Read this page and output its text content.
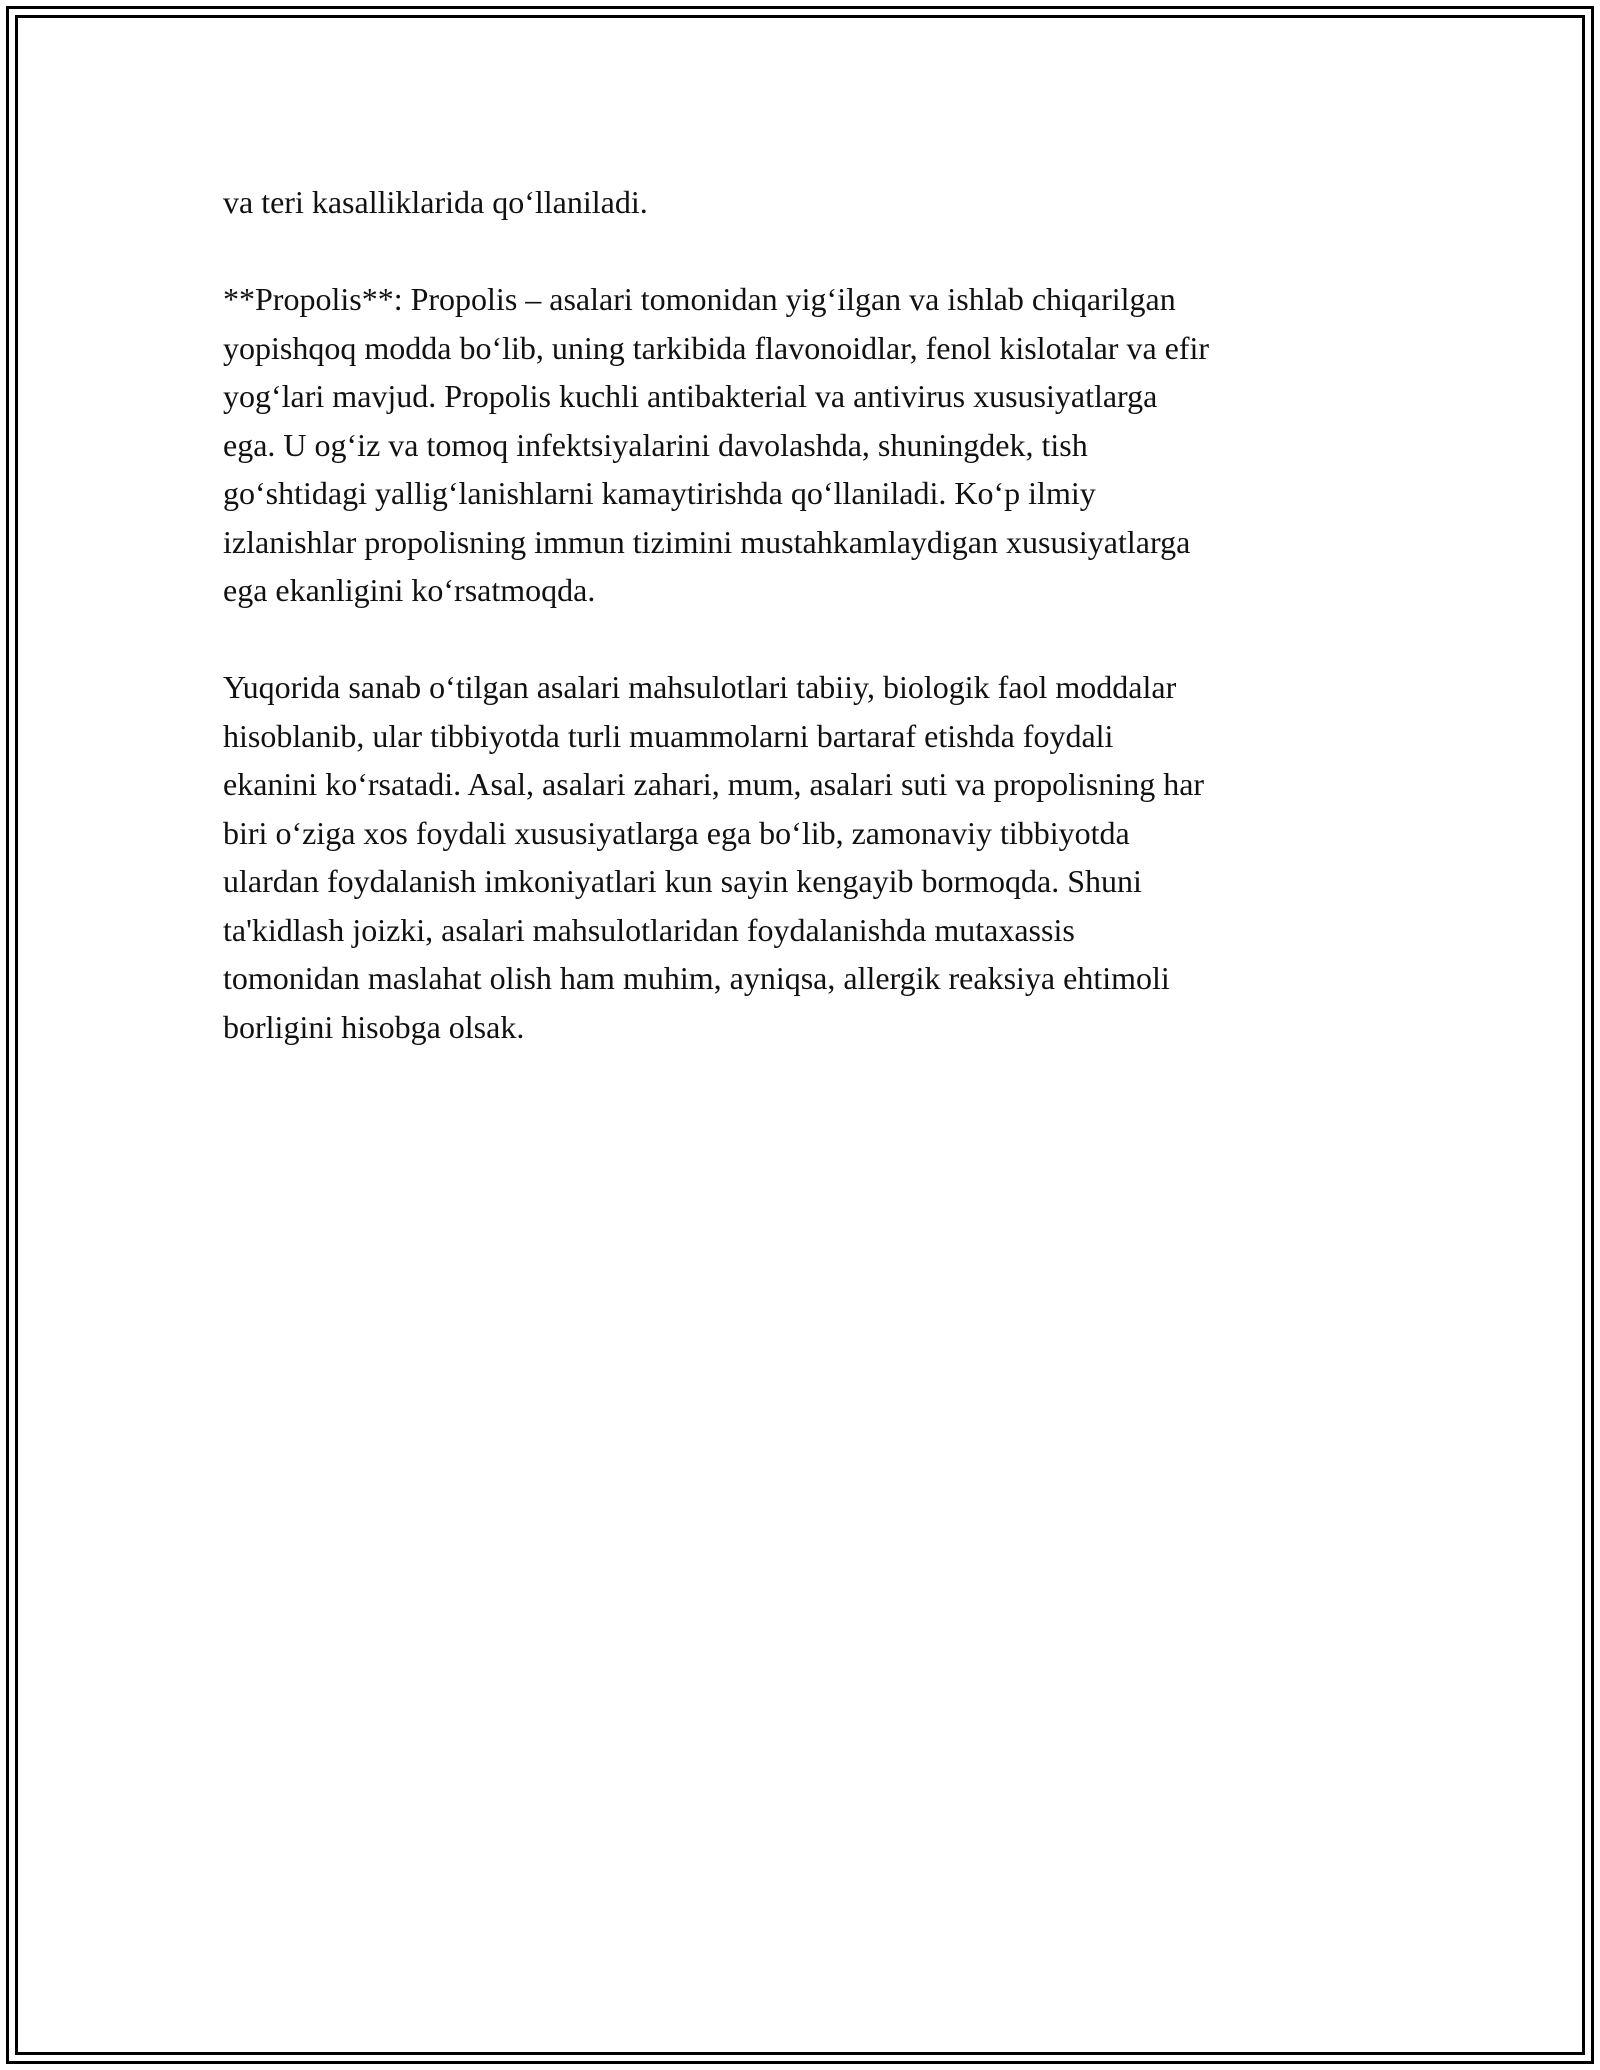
va teri kasalliklarida qo‘llaniladi.
**Propolis**: Propolis – asalari tomonidan yig‘ilgan va ishlab chiqarilgan
yopishqoq modda bo‘lib, uning tarkibida flavonoidlar, fenol kislotalar va efir
yog‘lari mavjud. Propolis kuchli antibakterial va antivirus xususiyatlarga
ega. U og‘iz va tomoq infektsiyalarini davolashda, shuningdek, tish
go‘shtidagi yallig‘lanishlarni kamaytirishda qo‘llaniladi. Ko‘p ilmiy
izlanishlar propolisning immun tizimini mustahkamlaydigan xususiyatlarga
ega ekanligini ko‘rsatmoqda.
Yuqorida sanab o‘tilgan asalari mahsulotlari tabiiy, biologik faol moddalar
hisoblanib, ular tibbiyotda turli muammolarni bartaraf etishda foydali
ekanini ko‘rsatadi. Asal, asalari zahari, mum, asalari suti va propolisning har
biri o‘ziga xos foydali xususiyatlarga ega bo‘lib, zamonaviy tibbiyotda
ulardan foydalanish imkoniyatlari kun sayin kengayib bormoqda. Shuni
ta'kidlash joizki, asalari mahsulotlaridan foydalanishda mutaxassis
tomonidan maslahat olish ham muhim, ayniqsa, allergik reaksiya ehtimoli
borligini hisobga olsak.
